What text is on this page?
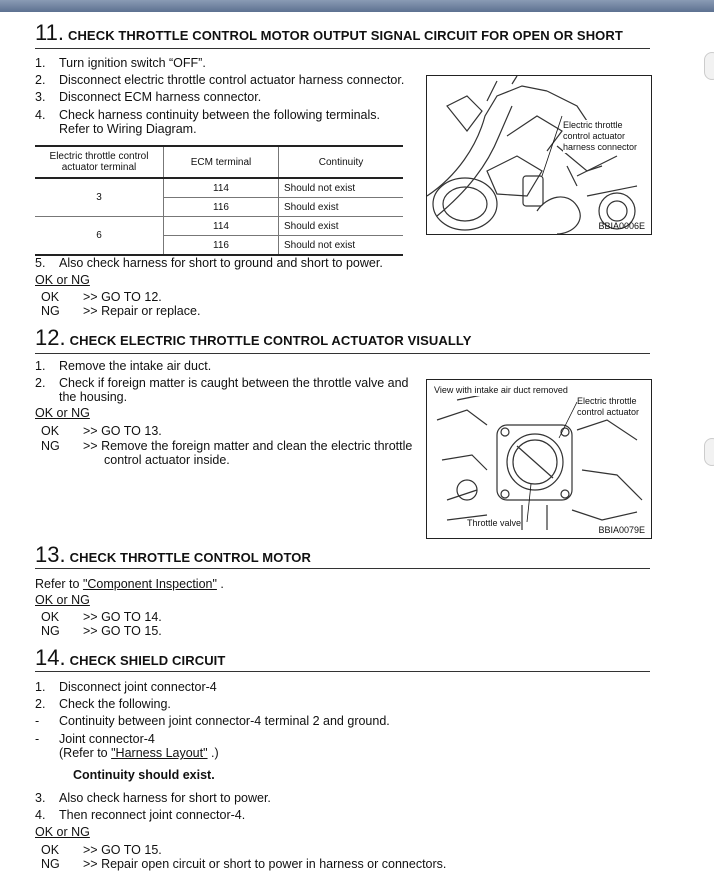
11. CHECK THROTTLE CONTROL MOTOR OUTPUT SIGNAL CIRCUIT FOR OPEN OR SHORT
1. Turn ignition switch “OFF”.
2. Disconnect electric throttle control actuator harness connector.
3. Disconnect ECM harness connector.
4. Check harness continuity between the following terminals.
Refer to Wiring Diagram.
Electric throttle control actuator terminal	ECM terminal	Continuity
3	114	Should not exist
	116	Should exist
6	114	Should exist
	116	Should not exist
5. Also check harness for short to ground and short to power.
OK or NG
OK >> GO TO 12.
NG >> Repair or replace.
Electric throttle control actuator harness connector
BBIA0006E
12. CHECK ELECTRIC THROTTLE CONTROL ACTUATOR VISUALLY
1. Remove the intake air duct.
2. Check if foreign matter is caught between the throttle valve and
the housing.
OK or NG
OK >> GO TO 13.
NG >> Remove the foreign matter and clean the electric throttle
control actuator inside.
View with intake air duct removed
Electric throttle control actuator
Throttle valve
BBIA0079E
13. CHECK THROTTLE CONTROL MOTOR
Refer to "Component Inspection" .
OK or NG
OK >> GO TO 14.
NG >> GO TO 15.
14. CHECK SHIELD CIRCUIT
1. Disconnect joint connector-4
2. Check the following.
- Continuity between joint connector-4 terminal 2 and ground.
- Joint connector-4
(Refer to "Harness Layout" .)
Continuity should exist.
3. Also check harness for short to power.
4. Then reconnect joint connector-4.
OK or NG
OK >> GO TO 15.
NG >> Repair open circuit or short to power in harness or connectors.
